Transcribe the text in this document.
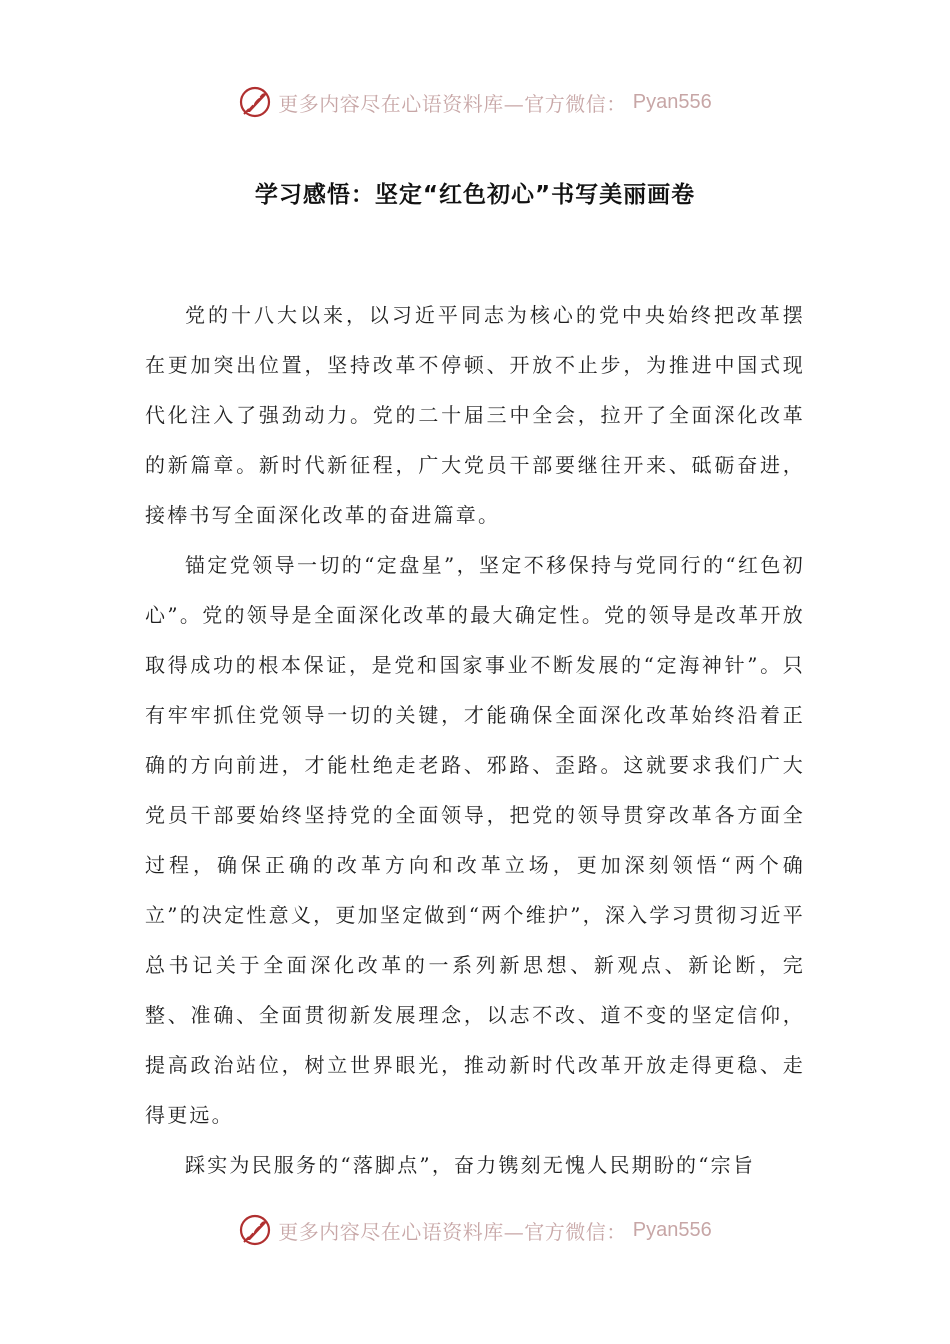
更多内容尽在心语资料库—官方微信： Pyan556
学习感悟：坚定“红色初心”书写美丽画卷

党的十八大以来，以习近平同志为核心的党中央始终把改革摆在更加突出位置，坚持改革不停顿、开放不止步，为推进中国式现代化注入了强劲动力。党的二十届三中全会，拉开了全面深化改革的新篇章。新时代新征程，广大党员干部要继往开来、砥砺奋进，接棒书写全面深化改革的奋进篇章。

锚定党领导一切的“定盘星”，坚定不移保持与党同行的“红色初心”。党的领导是全面深化改革的最大确定性。党的领导是改革开放取得成功的根本保证，是党和国家事业不断发展的“定海神针”。只有牢牢抓住党领导一切的关键，才能确保全面深化改革始终沿着正确的方向前进，才能杜绝走老路、邪路、歪路。这就要求我们广大党员干部要始终坚持党的全面领导，把党的领导贯穿改革各方面全过程，确保正确的改革方向和改革立场，更加深刻领悟“两个确立”的决定性意义，更加坚定做到“两个维护”，深入学习贯彻习近平总书记关于全面深化改革的一系列新思想、新观点、新论断，完整、准确、全面贯彻新发展理念，以志不改、道不变的坚定信仰，提高政治站位，树立世界眼光，推动新时代改革开放走得更稳、走得更远。

踩实为民服务的“落脚点”，奋力镌刻无愧人民期盼的“宗旨

更多内容尽在心语资料库—官方微信： Pyan556
